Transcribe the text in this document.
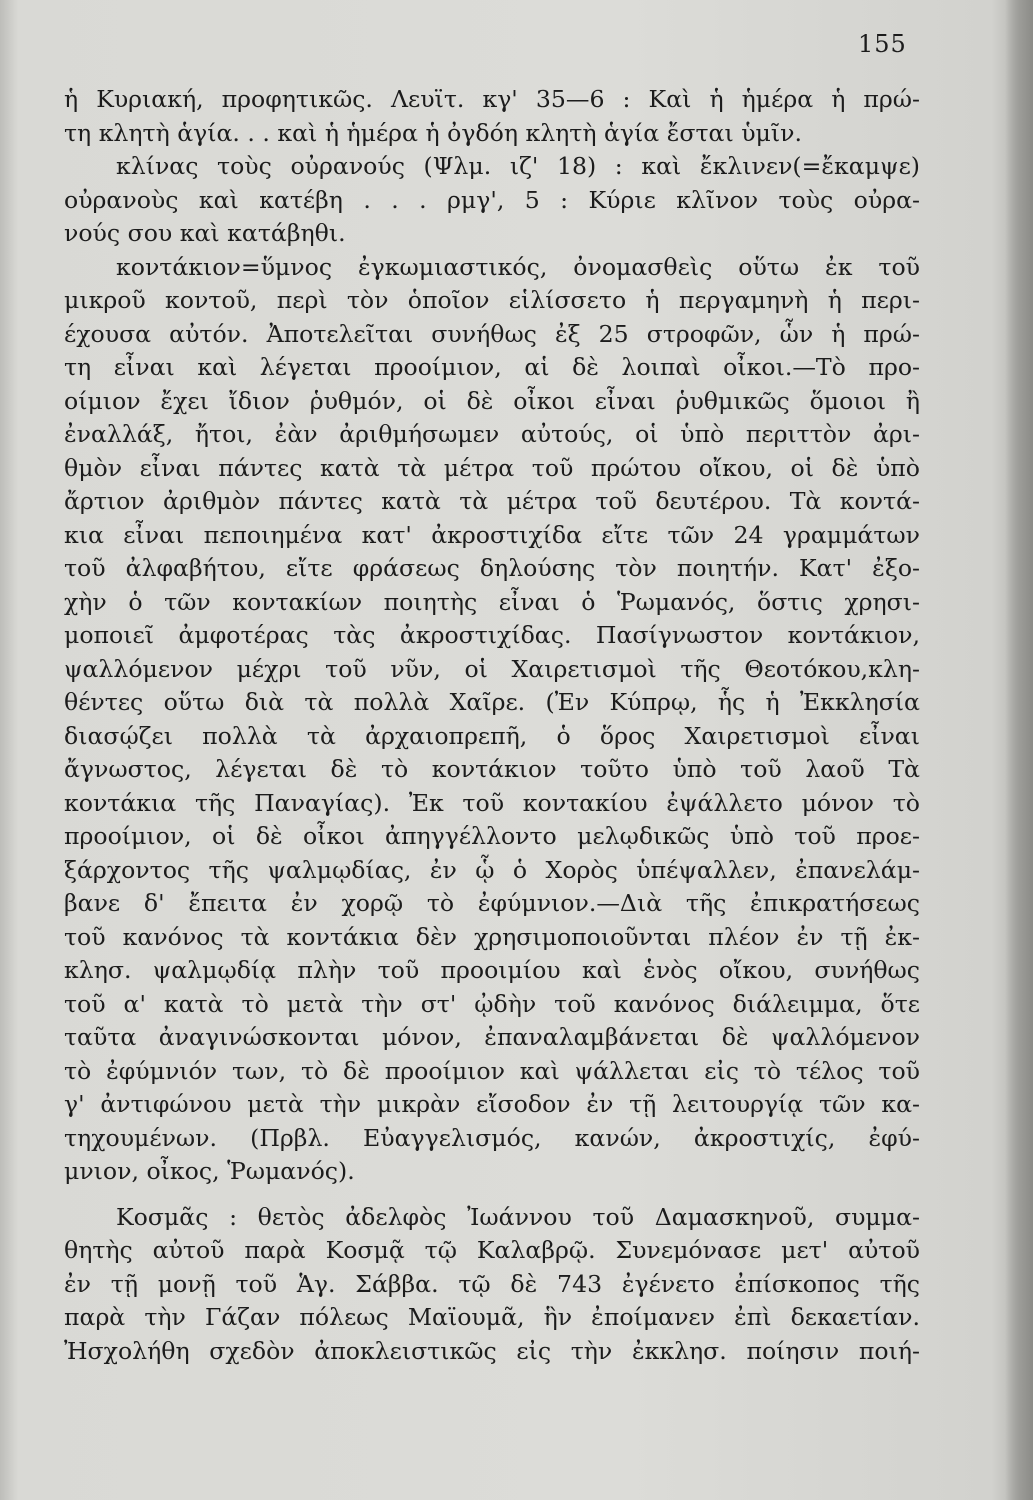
155
ἡ Κυριακή, προφητικῶς. Λευϊτ. κγ' 35—6 : Καὶ ἡ ἡμέρα ἡ πρώ-
τη κλητὴ ἁγία. . . καὶ ἡ ἡμέρα ἡ ὀγδόη κλητὴ ἁγία ἔσται ὑμῖν.
κλίνας τοὺς οὐρανούς (Ψλμ. ιζ' 18) : καὶ ἔκλινεν(=ἔκαμψε)
οὐρανοὺς καὶ κατέβη . . . ρμγ', 5 : Κύριε κλῖνον τοὺς οὐρα-
νούς σου καὶ κατάβηθι.
κοντάκιον=ὕμνος ἐγκωμιαστικός, ὀνομασθεὶς οὕτω ἐκ τοῦ
μικροῦ κοντοῦ, περὶ τὸν ὁποῖον εἱλίσσετο ἡ περγαμηνὴ ἡ περι-
έχουσα αὐτόν. Ἀποτελεῖται συνήθως ἐξ 25 στροφῶν, ὧν ἡ πρώ-
τη εἶναι καὶ λέγεται προοίμιον, αἱ δὲ λοιπαὶ οἶκοι.—Τὸ προ-
οίμιον ἔχει ἴδιον ῥυθμόν, οἱ δὲ οἶκοι εἶναι ῥυθμικῶς ὅμοιοι ἢ
ἐναλλάξ, ἤτοι, ἐὰν ἀριθμήσωμεν αὐτούς, οἱ ὑπὸ περιττὸν ἀρι-
θμὸν εἶναι πάντες κατὰ τὰ μέτρα τοῦ πρώτου οἴκου, οἱ δὲ ὑπὸ
ἄρτιον ἀριθμὸν πάντες κατὰ τὰ μέτρα τοῦ δευτέρου. Τὰ κοντά-
κια εἶναι πεποιημένα κατ' ἀκροστιχίδα εἴτε τῶν 24 γραμμάτων
τοῦ ἀλφαβήτου, εἴτε φράσεως δηλούσης τὸν ποιητήν. Κατ' ἐξο-
χὴν ὁ τῶν κοντακίων ποιητὴς εἶναι ὁ Ῥωμανός, ὅστις χρησι-
μοποιεῖ ἀμφοτέρας τὰς ἀκροστιχίδας. Πασίγνωστον κοντάκιον,
ψαλλόμενον μέχρι τοῦ νῦν, οἱ Χαιρετισμοὶ τῆς Θεοτόκου,κλη-
θέντες οὕτω διὰ τὰ πολλὰ Χαῖρε. (Ἐν Κύπρῳ, ἧς ἡ Ἐκκλησία
διασῴζει πολλὰ τὰ ἀρχαιοπρεπῆ, ὁ ὅρος Χαιρετισμοὶ εἶναι
ἄγνωστος, λέγεται δὲ τὸ κοντάκιον τοῦτο ὑπὸ τοῦ λαοῦ Τὰ
κοντάκια τῆς Παναγίας). Ἐκ τοῦ κοντακίου ἐψάλλετο μόνον τὸ
προοίμιον, οἱ δὲ οἶκοι ἀπηγγέλλοντο μελῳδικῶς ὑπὸ τοῦ προε-
ξάρχοντος τῆς ψαλμῳδίας, ἐν ᾧ ὁ Χορὸς ὑπέψαλλεν, ἐπανελάμ-
βανε δ' ἔπειτα ἐν χορῷ τὸ ἐφύμνιον.—Διὰ τῆς ἐπικρατήσεως
τοῦ κανόνος τὰ κοντάκια δὲν χρησιμοποιοῦνται πλέον ἐν τῇ ἐκ-
κλησ. ψαλμῳδίᾳ πλὴν τοῦ προοιμίου καὶ ἑνὸς οἴκου, συνήθως
τοῦ α' κατὰ τὸ μετὰ τὴν στ' ᾠδὴν τοῦ κανόνος διάλειμμα, ὅτε
ταῦτα ἀναγινώσκονται μόνον, ἐπαναλαμβάνεται δὲ ψαλλόμενον
τὸ ἐφύμνιόν των, τὸ δὲ προοίμιον καὶ ψάλλεται εἰς τὸ τέλος τοῦ
γ' ἀντιφώνου μετὰ τὴν μικρὰν εἴσοδον ἐν τῇ λειτουργίᾳ τῶν κα-
τηχουμένων. (Πρβλ. Εὐαγγελισμός, κανών, ἀκροστιχίς, ἐφύ-
μνιον, οἶκος, Ῥωμανός).
Κοσμᾶς : θετὸς ἀδελφὸς Ἰωάννου τοῦ Δαμασκηνοῦ, συμμα-
θητὴς αὐτοῦ παρὰ Κοσμᾷ τῷ Καλαβρῷ. Συνεμόνασε μετ' αὐτοῦ
ἐν τῇ μονῇ τοῦ Ἁγ. Σάββα. τῷ δὲ 743 ἐγένετο ἐπίσκοπος τῆς
παρὰ τὴν Γάζαν πόλεως Μαϊουμᾶ, ἣν ἐποίμανεν ἐπὶ δεκαετίαν.
Ἠσχολήθη σχεδὸν ἀποκλειστικῶς εἰς τὴν ἐκκλησ. ποίησιν ποιή-
